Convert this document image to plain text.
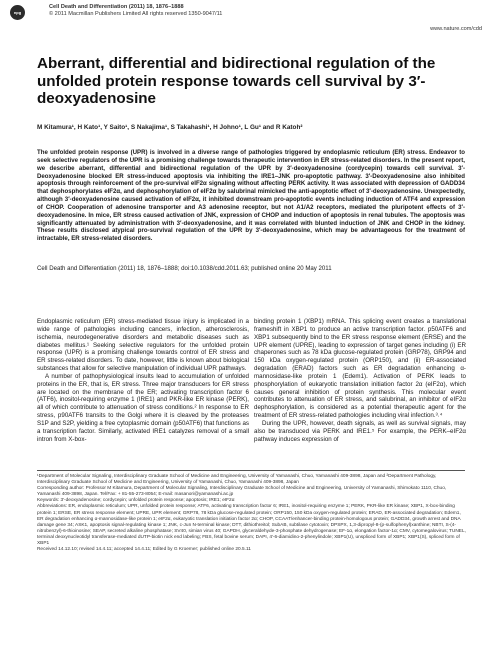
npg
Cell Death and Differentiation (2011) 18, 1876–1888
© 2011 Macmillan Publishers Limited All rights reserved 1350-9047/11
www.nature.com/cdd
Aberrant, differential and bidirectional regulation of the unfolded protein response towards cell survival by 3′-deoxyadenosine
M Kitamura¹, H Kato¹, Y Saito¹, S Nakajima¹, S Takahashi¹, H Johno¹, L Gu¹ and R Katoh²

The unfolded protein response (UPR) is involved in a diverse range of pathologies triggered by endoplasmic reticulum (ER) stress. Endeavor to seek selective regulators of the UPR is a promising challenge towards therapeutic intervention in ER stress-related disorders. In the present report, we describe aberrant, differential and bidirectional regulation of the UPR by 3′-deoxyadenosine (cordycepin) towards cell survival. 3′-Deoxyadenosine blocked ER stress-induced apoptosis via inhibiting the IRE1–JNK pro-apoptotic pathway. 3′-Deoxyadenosine also inhibited apoptosis through reinforcement of the pro-survival eIF2α signaling without affecting PERK activity. It was associated with depression of GADD34 that dephosphorylates eIF2α, and dephosphorylation of eIF2α by salubrinal mimicked the anti-apoptotic effect of 3′-deoxyadenosine. Unexpectedly, although 3′-deoxyadenosine caused activation of eIF2α, it inhibited downstream pro-apoptotic events including induction of ATF4 and expression of CHOP. Cooperation of adenosine transporter and A3 adenosine receptor, but not A1/A2 receptors, mediated the pluripotent effects of 3′-deoxyadenosine. In mice, ER stress caused activation of JNK, expression of CHOP and induction of apoptosis in renal tubules. The apoptosis was significantly attenuated by administration with 3′-deoxyadenosine, and it was correlated with blunted induction of JNK and CHOP in the kidney. These results disclosed atypical pro-survival regulation of the UPR by 3′-deoxyadenosine, which may be advantageous for the treatment of intractable, ER stress-related disorders.

Cell Death and Differentiation (2011) 18, 1876–1888; doi:10.1038/cdd.2011.63; published online 20 May 2011

Endoplasmic reticulum (ER) stress-mediated tissue injury is implicated in a wide range of pathologies including cancers, infection, atherosclerosis, ischemia, neurodegenerative disorders and metabolic diseases such as diabetes mellitus.¹ Seeking selective regulators for the unfolded protein response (UPR) is a promising challenge towards control of ER stress and ER stress-related disorders. To date, however, little is known about biological substances that allow for selective manipulation of individual UPR pathways.

A number of pathophysiological insults lead to accumulation of unfolded proteins in the ER, that is, ER stress. Three major transducers for ER stress are located on the membrane of the ER; activating transcription factor 6 (ATF6), inositol-requiring enzyme 1 (IRE1) and PKR-like ER kinase (PERK), all of which contribute to attenuation of stress conditions.² In response to ER stress, p90ATF6 transits to the Golgi where it is cleaved by the proteases S1P and S2P, yielding a free cytoplasmic domain (p50ATF6) that functions as a transcription factor. Similarly, activated IRE1 catalyzes removal of a small intron from X-box-

binding protein 1 (XBP1) mRNA. This splicing event creates a translational frameshift in XBP1 to produce an active transcription factor. p50ATF6 and XBP1 subsequently bind to the ER stress response element (ERSE) and the UPR element (UPRE), leading to expression of target genes including (i) ER chaperones such as 78 kDa glucose-regulated protein (GRP78), GRP94 and 150 kDa oxygen-regulated protein (ORP150), and (ii) ER-associated degradation (ERAD) factors such as ER degradation enhancing α-mannosidase-like protein 1 (Edem1). Activation of PERK leads to phosphorylation of eukaryotic translation initiation factor 2α (eIF2α), which causes general inhibition of protein synthesis. This molecular event contributes to attenuation of ER stress, and salubrinal, an inhibitor of eIF2α dephosphorylation, is considered as a potential therapeutic agent for the treatment of ER stress-related pathologies including viral infection.³˒⁴

During the UPR, however, death signals, as well as survival signals, may also be transduced via PERK and IRE1.⁵ For example, the PERK–eIF2α pathway induces expression of

¹Department of Molecular Signaling, Interdisciplinary Graduate School of Medicine and Engineering, University of Yamanashi, Chuo, Yamanashi 409-3898, Japan and ²Department Pathology, Interdisciplinary Graduate School of Medicine and Engineering, University of Yamanashi, Chuo, Yamanashi 409-3898, Japan
Corresponding author: Professor M Kitamura, Department of Molecular Signaling, Interdisciplinary Graduate School of Medicine and Engineering, University of Yamanashi, Shimokato 1110, Chuo, Yamanashi 409-3898, Japan. Tel/Fax: + 81-55-273-8054; E-mail: masanori@yamanashi.ac.jp
Keywords: 3′-deoxyadenosine; cordycepin; unfolded protein response; apoptosis; IRE1; eIF2α
Abbreviations: ER, endoplasmic reticulum; UPR, unfolded protein response; ATF6, activating transcription factor 6; IRE1, inositol-requiring enzyme 1; PERK, PKR-like ER kinase; XBP1, X-box-binding protein 1; ERSE, ER stress response element; UPRE, UPR element; GRP78, 78 kDa glucose-regulated protein; ORP150, 150 kDa oxygen-regulated protein; ERAD, ER-associated degradation; Edem1, ER degradation enhancing α-mannosidase-like protein 1; eIF2α, eukaryotic translation initiation factor 2α; CHOP, CCAAT/enhancer-binding protein-homologous protein; GADD34, growth arrest and DNA damage gene 34; ASK1, apoptosis signal-regulating kinase 1; JNK, c-Jun N-terminal kinase; DTT, dithiothreitol; SubAB, subtilase cytotoxin; DPSPX, 1,3-dipropyl-8-(p-sulfophenyl)xanthine; NBTI, S-(4-nitrobenzyl)-6-thioinosine; SEAP, secreted alkaline phosphatase; SV40, simian virus 40; GAPDH, glyceraldehyde-3-phosphate dehydrogenase; EF-1α, elongation factor-1α; CMV, cytomegalovirus; TUNEL, terminal deoxynucleotidyl transferase-mediated dUTP-biotin nick end labeling; FBS, fetal bovine serum; DAPI, 4′-6-diamidino-2-phenylindole; XBP1(U), unspliced form of XBP1; XBP1(S), spliced form of XBP1
Received 14.12.10; revised 14.4.11; accepted 14.4.11; Edited by G Kroemer; published online 20.5.11
